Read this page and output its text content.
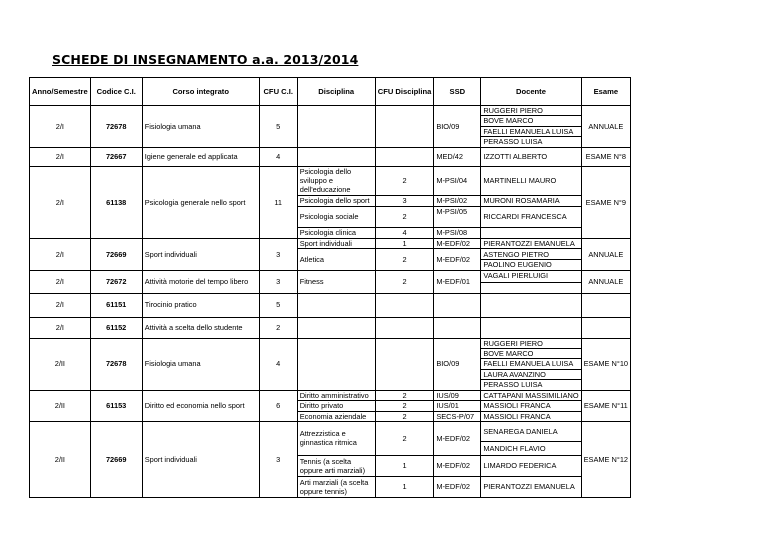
SCHEDE DI INSEGNAMENTO a.a. 2013/2014
Anno/Semestre	Codice C.I.	Corso integrato	CFU C.I.	Disciplina	CFU Disciplina	SSD	Docente	Esame
2/I	72678	Fisiologia umana	5			BIO/09	RUGGERI PIERO	ANNUALE
							BOVE MARCO	
							FAELLI EMANUELA LUISA	
							PERASSO LUISA	
2/I	72667	Igiene generale ed applicata	4			MED/42	IZZOTTI ALBERTO	ESAME N°8
2/I	61138	Psicologia generale nello sport	11	Psicologia dello sviluppo e dell'educazione	2	M-PSI/04	MARTINELLI MAURO	ESAME N°9
				Psicologia dello sport	3	M-PSI/02	MURONI ROSAMARIA	
				Psicologia sociale	2	M-PSI/05	RICCARDI FRANCESCA	
				Psicologia clinica	4	M-PSI/08		
2/I	72669	Sport individuali	3	Sport individuali	1	M-EDF/02	PIERANTOZZI EMANUELA	ANNUALE
				Atletica	2	M-EDF/02	ASTENGO PIETRO	
							PAOLINO EUGENIO	
2/I	72672	Attività motorie del tempo libero	3	Fitness	2	M-EDF/01	VAGALI PIERLUIGI	ANNUALE

2/I	61151	Tirocinio pratico	5					
2/I	61152	Attività a scelta dello studente	2					
2/II	72678	Fisiologia umana	4			BIO/09	RUGGERI PIERO	ESAME N°10
							BOVE MARCO	
							FAELLI EMANUELA LUISA	
							LAURA AVANZINO	
							PERASSO LUISA	
2/II	61153	Diritto ed economia nello sport	6	Diritto amministrativo	2	IUS/09	CATTAPANI MASSIMILIANO	ESAME N°11
				Diritto privato	2	IUS/01	MASSIOLI FRANCA	
				Economia aziendale	2	SECS-P/07	MASSIOLI FRANCA	
2/II	72669	Sport individuali	3	Attrezzistica e ginnastica ritmica	2	M-EDF/02	SENAREGA DANIELA	ESAME N°12
							MANDICH FLAVIO	
				Tennis (a scelta oppure arti marziali)	1	M-EDF/02	LIMARDO FEDERICA	
				Arti marziali (a scelta oppure tennis)	1	M-EDF/02	PIERANTOZZI EMANUELA	
